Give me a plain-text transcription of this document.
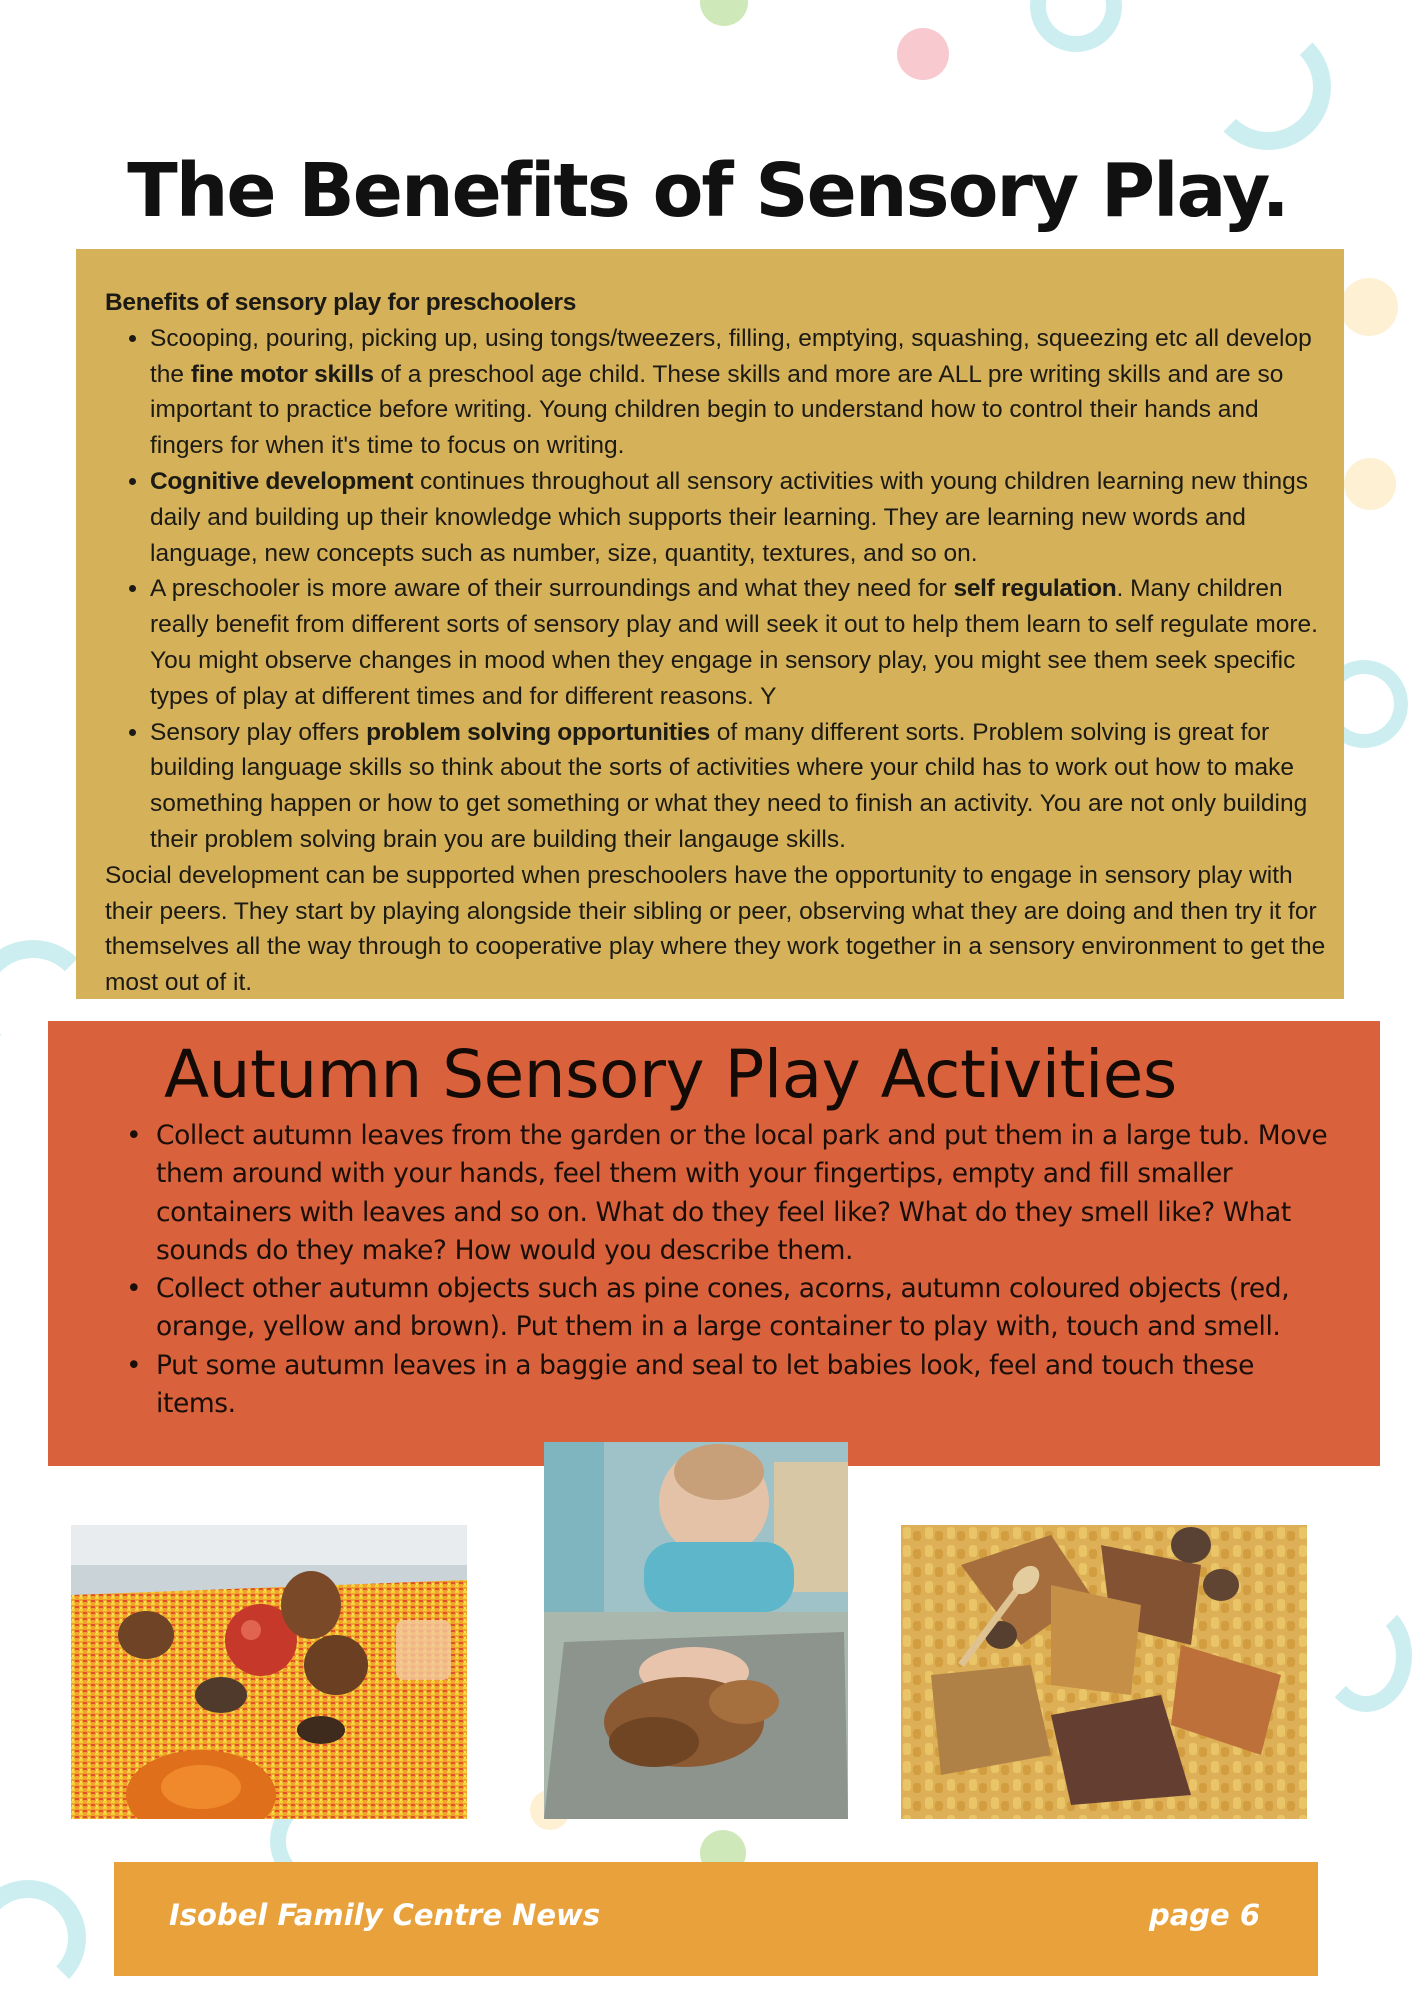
The Benefits of Sensory Play.
Benefits of sensory play for preschoolers
• Scooping, pouring, picking up, using tongs/tweezers, filling, emptying, squashing, squeezing etc all develop the fine motor skills of a preschool age child. These skills and more are ALL pre writing skills and are so important to practice before writing. Young children begin to understand how to control their hands and fingers for when it's time to focus on writing.
• Cognitive development continues throughout all sensory activities with young children learning new things daily and building up their knowledge which supports their learning. They are learning new words and language, new concepts such as number, size, quantity, textures, and so on.
• A preschooler is more aware of their surroundings and what they need for self regulation. Many children really benefit from different sorts of sensory play and will seek it out to help them learn to self regulate more. You might observe changes in mood when they engage in sensory play, you might see them seek specific types of play at different times and for different reasons. Y
• Sensory play offers problem solving opportunities of many different sorts. Problem solving is great for building language skills so think about the sorts of activities where your child has to work out how to make something happen or how to get something or what they need to finish an activity. You are not only building their problem solving brain you are building their langauge skills.
Social development can be supported when preschoolers have the opportunity to engage in sensory play with their peers. They start by playing alongside their sibling or peer, observing what they are doing and then try it for themselves all the way through to cooperative play where they work together in a sensory environment to get the most out of it.
Autumn Sensory Play Activities
• Collect autumn leaves from the garden or the local park and put them in a large tub. Move them around with your hands, feel them with your fingertips, empty and fill smaller containers with leaves and so on. What do they feel like? What do they smell like? What sounds do they make? How would you describe them.
• Collect other autumn objects such as pine cones, acorns, autumn coloured objects (red, orange, yellow and brown). Put them in a large container to play with, touch and smell.
• Put some autumn leaves in a baggie and seal to let babies look, feel and touch these items.
Isobel Family Centre News	page 6
